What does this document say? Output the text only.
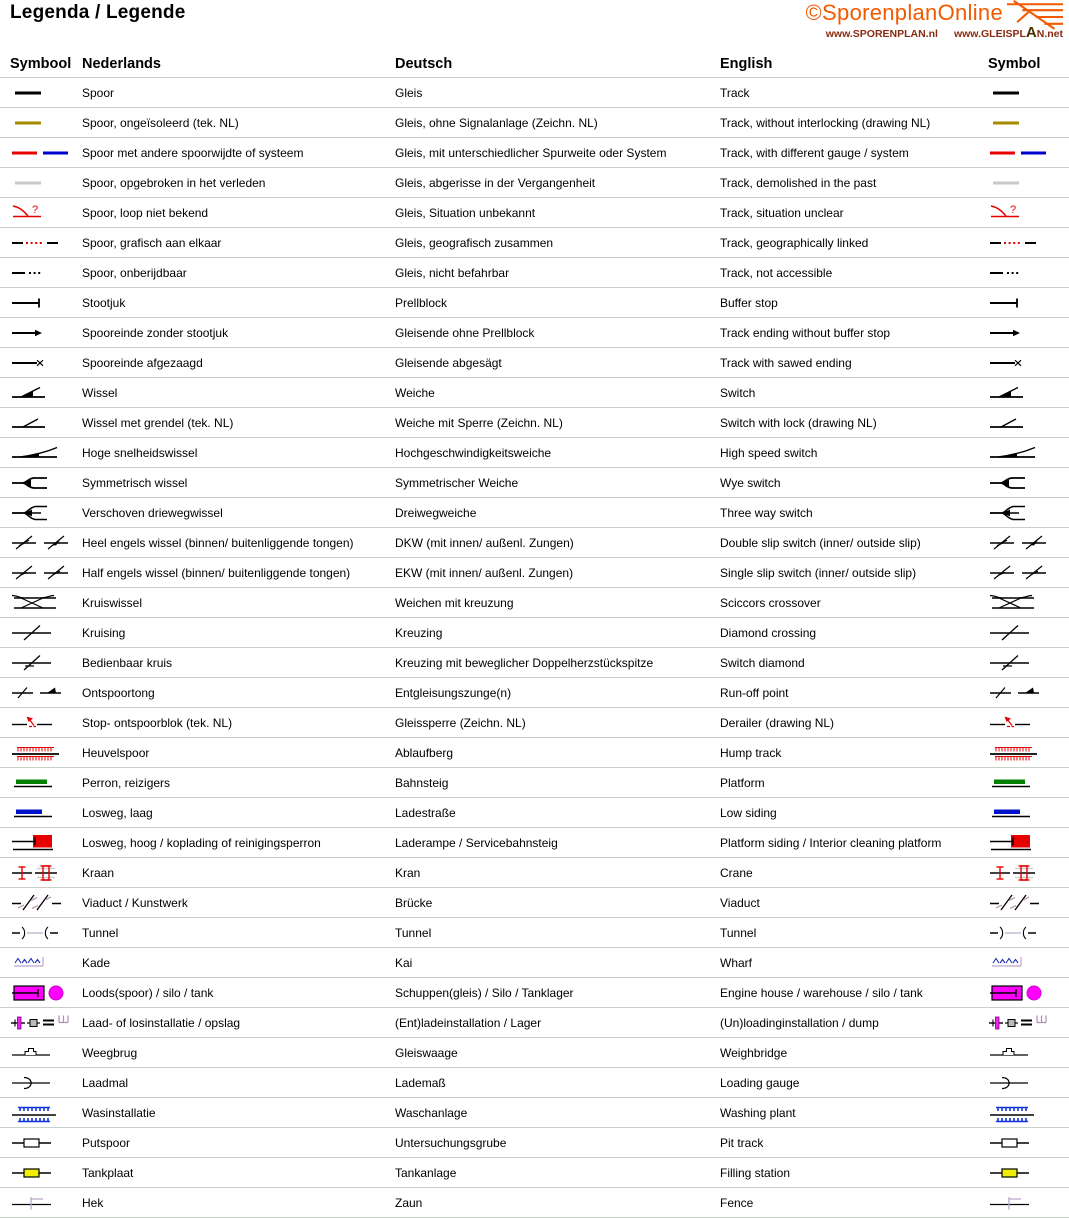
Legenda / Legende	©SporenplanOnline
www.SPORENPLAN.nl www.GLEISPLAN.net
Symbool Nederlands	Deutsch	English	Symbol
Spoor	Gleis	Track
Spoor, ongeïsoleerd (tek. NL)	Gleis, ohne Signalanlage (Zeichn. NL)	Track, without interlocking (drawing NL)
Spoor met andere spoorwijdte of systeem	Gleis, mit unterschiedlicher Spurweite oder System	Track, with different gauge / system
Spoor, opgebroken in het verleden	Gleis, abgerisse in der Vergangenheit	Track, demolished in the past
?	Spoor, loop niet bekend	Gleis, Situation unbekannt	Track, situation unclear	?
Spoor, grafisch aan elkaar	Gleis, geografisch zusammen	Track, geographically linked
Spoor, onberijdbaar	Gleis, nicht befahrbar	Track, not accessible
Stootjuk	Prellblock	Buffer stop
Spooreinde zonder stootjuk	Gleisende ohne Prellblock	Track ending without buffer stop
Spooreinde afgezaagd	Gleisende abgesägt	Track with sawed ending
Wissel	Weiche	Switch
Wissel met grendel (tek. NL)	Weiche mit Sperre (Zeichn. NL)	Switch with lock (drawing NL)
Hoge snelheidswissel	Hochgeschwindigkeitsweiche	High speed switch
Symmetrisch wissel	Symmetrischer Weiche	Wye switch
Verschoven driewegwissel	Dreiwegweiche	Three way switch
Heel engels wissel (binnen/ buitenliggende tongen)	DKW (mit innen/ außenl. Zungen)	Double slip switch (inner/ outside slip)
Half engels wissel (binnen/ buitenliggende tongen)	EKW (mit innen/ außenl. Zungen)	Single slip switch (inner/ outside slip)
Kruiswissel	Weichen mit kreuzung	Sciccors crossover
Kruising	Kreuzing	Diamond crossing
Bedienbaar kruis	Kreuzing mit beweglicher Doppelherzstückspitze	Switch diamond
Ontspoortong	Entgleisungszunge(n)	Run-off point
Stop- ontspoorblok (tek. NL)	Gleissperre (Zeichn. NL)	Derailer (drawing NL)
Heuvelspoor	Ablaufberg	Hump track
Perron, reizigers	Bahnsteig	Platform
Losweg, laag	Ladestraße	Low siding
Losweg, hoog / koplading of reinigingsperron	Laderampe / Servicebahnsteig	Platform siding / Interior cleaning platform
Kraan	Kran	Crane
Viaduct / Kunstwerk	Brücke	Viaduct
Tunnel	Tunnel	Tunnel
Kade	Kai	Wharf
Loods(spoor) / silo / tank	Schuppen(gleis) / Silo / Tanklager	Engine house / warehouse / silo / tank
Laad- of losinstallatie / opslag	(Ent)ladeinstallation / Lager	(Un)loadinginstallation / dump
Weegbrug	Gleiswaage	Weighbridge
Laadmal	Lademaß	Loading gauge
Wasinstallatie	Waschanlage	Washing plant
Putspoor	Untersuchungsgrube	Pit track
Tankplaat	Tankanlage	Filling station
Hek	Zaun	Fence
